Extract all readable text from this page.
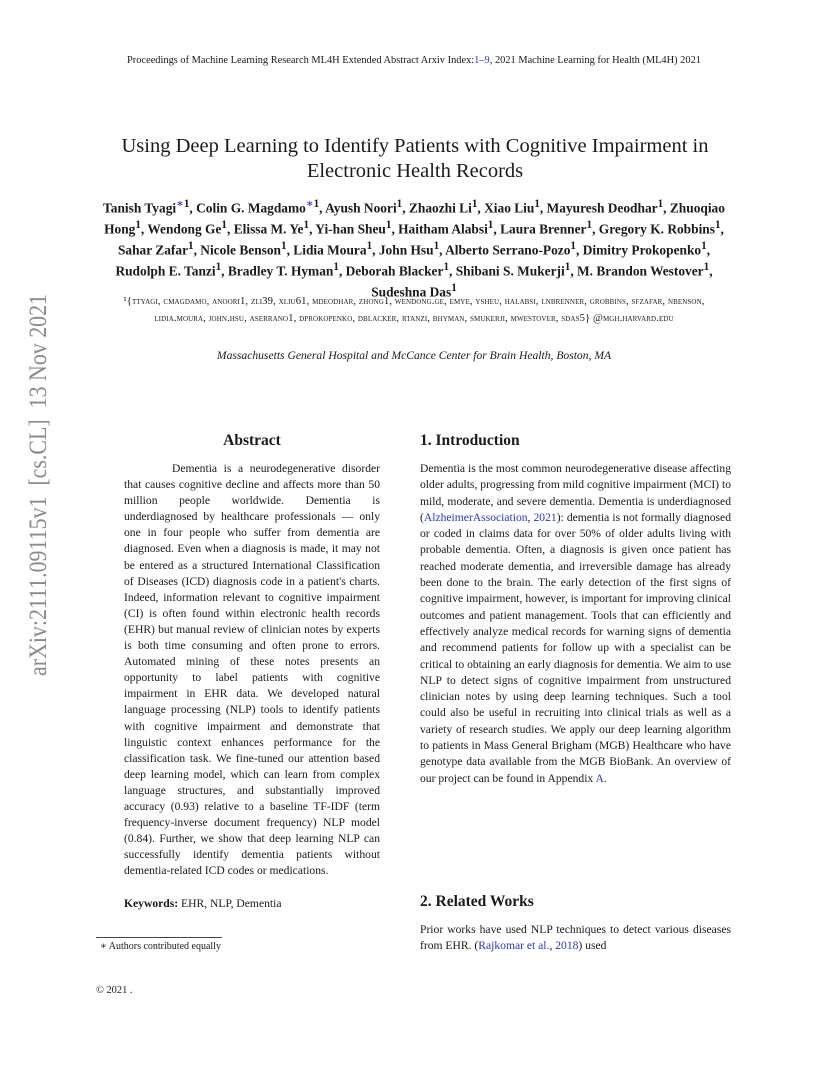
arXiv:2111.09115v1  [cs.CL]  13 Nov 2021
Proceedings of Machine Learning Research ML4H Extended Abstract Arxiv Index:1–9, 2021 Machine Learning for Health (ML4H) 2021
Using Deep Learning to Identify Patients with Cognitive Impairment in Electronic Health Records
Tanish Tyagi$^{∗1}$, Colin G. Magdamo$^{∗1}$, Ayush Noori$^1$, Zhaozhi Li$^1$, Xiao Liu$^1$, Mayuresh Deodhar$^1$, Zhuoqiao Hong$^1$, Wendong Ge$^1$, Elissa M. Ye$^1$, Yi-han Sheu$^1$, Haitham Alabsi$^1$, Laura Brenner$^1$, Gregory K. Robbins$^1$, Sahar Zafar$^1$, Nicole Benson$^1$, Lidia Moura$^1$, John Hsu$^1$, Alberto Serrano-Pozo$^1$, Dimitry Prokopenko$^1$, Rudolph E. Tanzi$^1$, Bradley T. Hyman$^1$, Deborah Blacker$^1$, Shibani S. Mukerji$^1$, M. Brandon Westover$^1$, Sudeshna Das$^1$
¹{ttyagi, cmagdamo, anoori1, zli39, xliu61, mdeodhar, zhong1, wendong.ge, emye, ysheu, halabsi, lnbrenner, grobbins, sfzafar, nbenson, lidia.moura, john.hsu, aserrano1, dprokopenko, dblacker, rtanzi, bhyman, smukerji, mwestover, sdas5} @mgh.harvard.edu
Massachusetts General Hospital and McCance Center for Brain Health, Boston, MA
Abstract

Dementia is a neurodegenerative disorder that causes cognitive decline and affects more than 50 million people worldwide. Dementia is underdiagnosed by healthcare professionals — only one in four people who suffer from dementia are diagnosed. Even when a diagnosis is made, it may not be entered as a structured International Classification of Diseases (ICD) diagnosis code in a patient's charts. Indeed, information relevant to cognitive impairment (CI) is often found within electronic health records (EHR) but manual review of clinician notes by experts is both time consuming and often prone to errors. Automated mining of these notes presents an opportunity to label patients with cognitive impairment in EHR data. We developed natural language processing (NLP) tools to identify patients with cognitive impairment and demonstrate that linguistic context enhances performance for the classification task. We fine-tuned our attention based deep learning model, which can learn from complex language structures, and substantially improved accuracy (0.93) relative to a baseline TF-IDF (term frequency-inverse document frequency) NLP model (0.84). Further, we show that deep learning NLP can successfully identify dementia patients without dementia-related ICD codes or medications.

Keywords: EHR, NLP, Dementia
∗ Authors contributed equally
© 2021 .
1. Introduction

Dementia is the most common neurodegenerative disease affecting older adults, progressing from mild cognitive impairment (MCI) to mild, moderate, and severe dementia. Dementia is underdiagnosed (AlzheimerAssociation, 2021): dementia is not formally diagnosed or coded in claims data for over 50% of older adults living with probable dementia. Often, a diagnosis is given once patient has reached moderate dementia, and irreversible damage has already been done to the brain. The early detection of the first signs of cognitive impairment, however, is important for improving clinical outcomes and patient management. Tools that can efficiently and effectively analyze medical records for warning signs of dementia and recommend patients for follow up with a specialist can be critical to obtaining an early diagnosis for dementia. We aim to use NLP to detect signs of cognitive impairment from unstructured clinician notes by using deep learning techniques. Such a tool could also be useful in recruiting into clinical trials as well as a variety of research studies. We apply our deep learning algorithm to patients in Mass General Brigham (MGB) Healthcare who have genotype data available from the MGB BioBank. An overview of our project can be found in Appendix A.

2. Related Works

Prior works have used NLP techniques to detect various diseases from EHR. (Rajkomar et al., 2018) used
